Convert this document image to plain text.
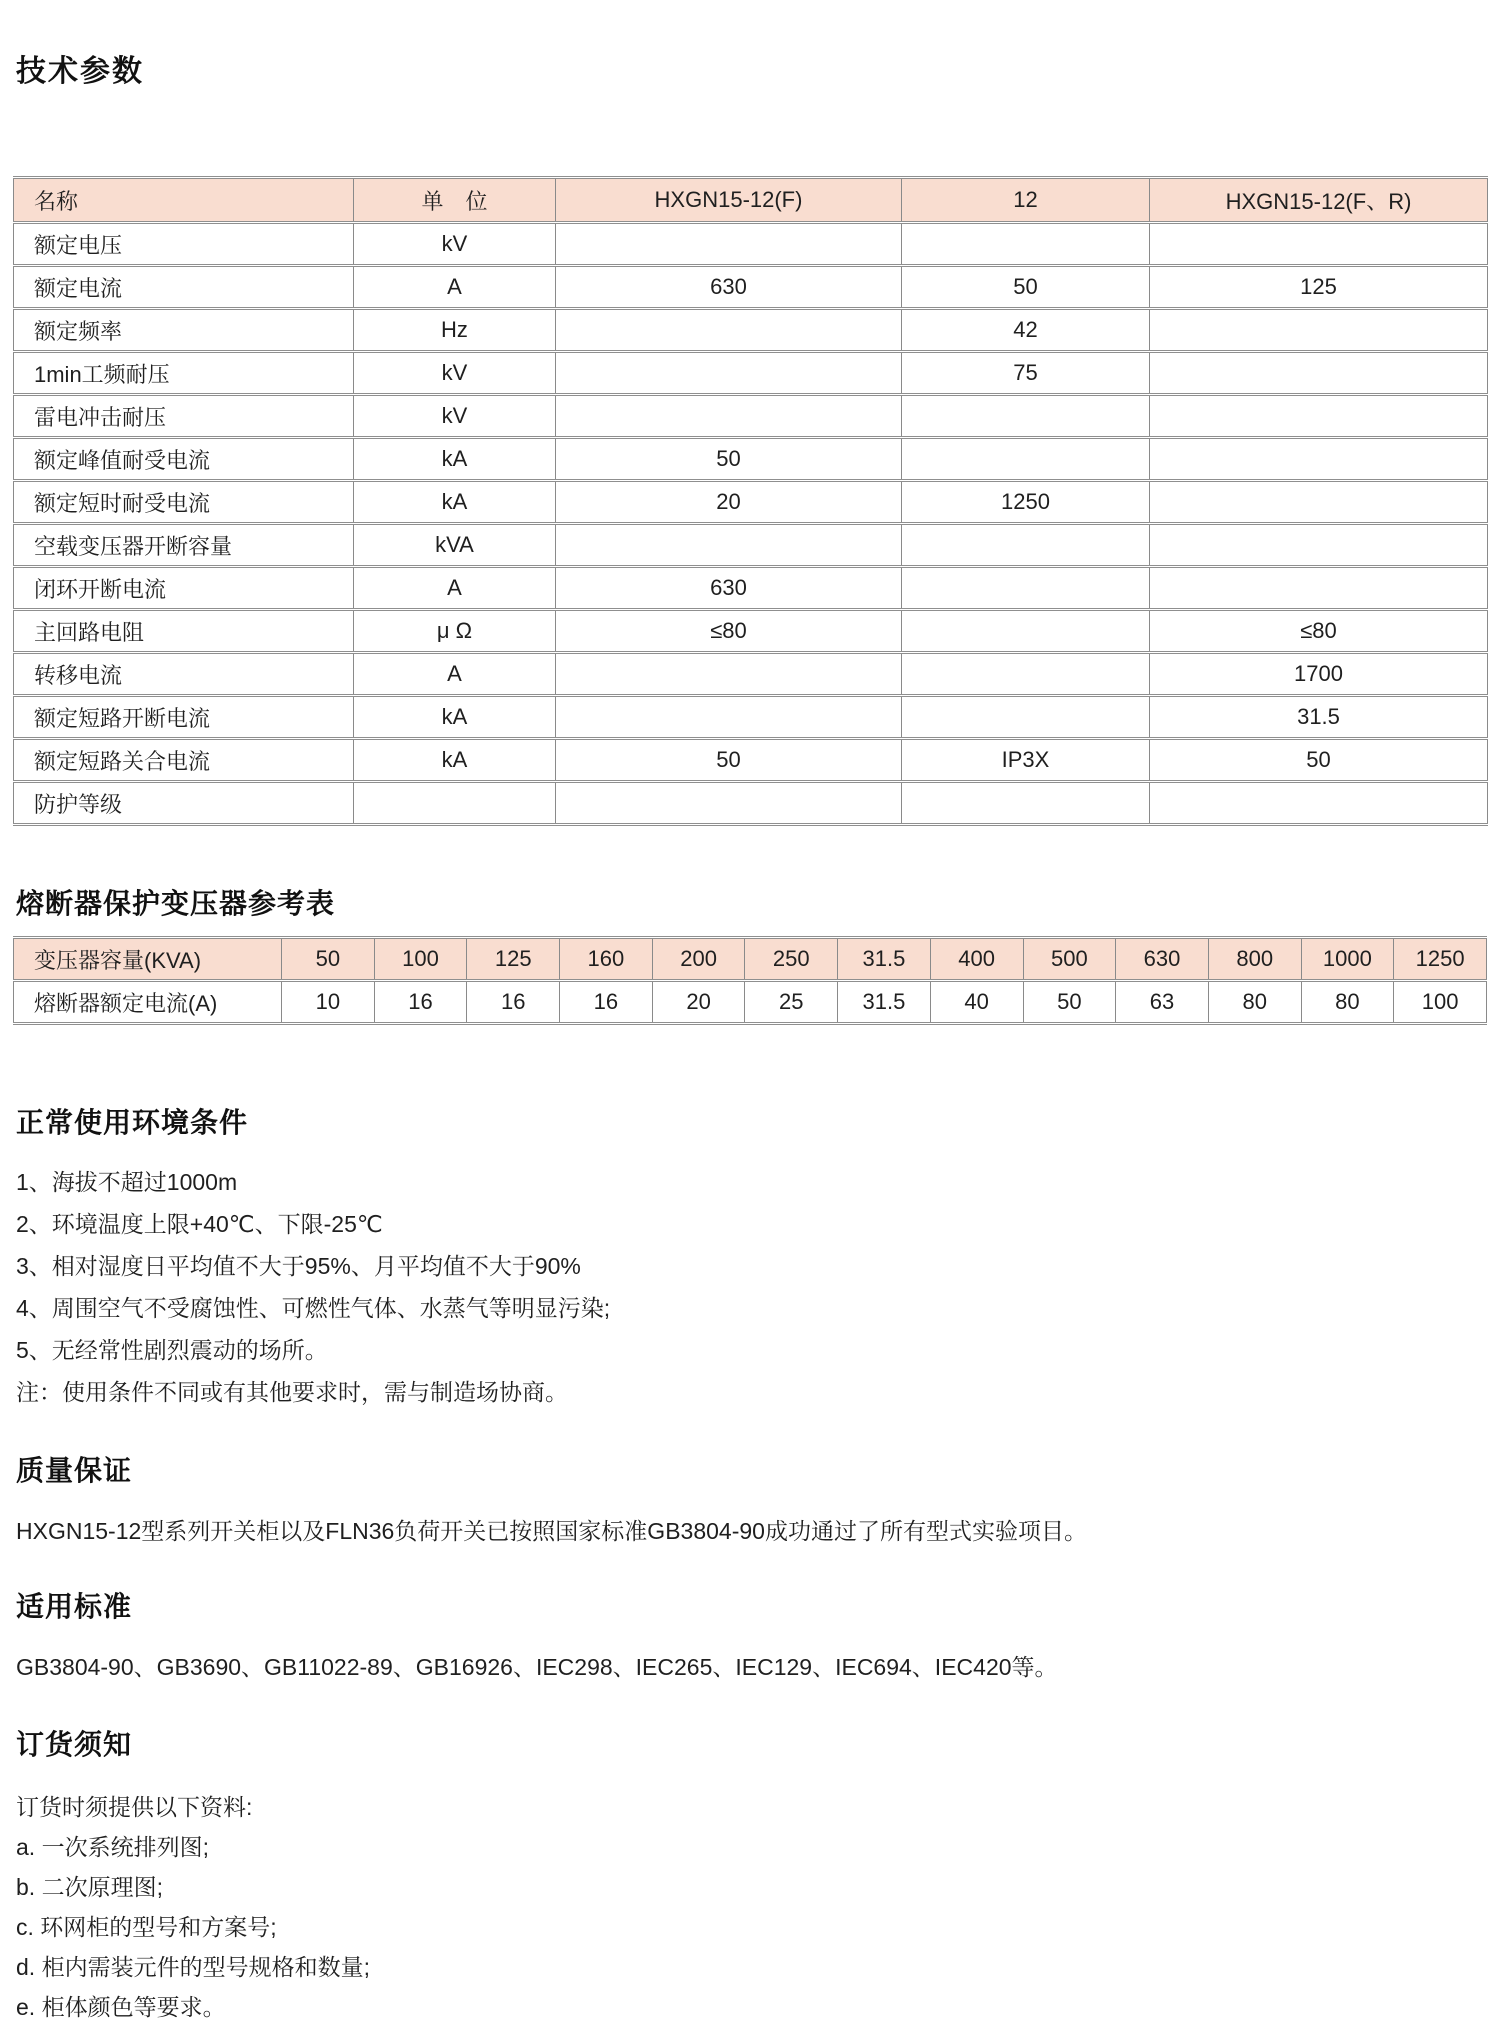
技术参数
名称	单　位	HXGN15-12(F)	12	HXGN15-12(F、R)
额定电压	kV			
额定电流	A	630	50	125
额定频率	Hz		42	
1min工频耐压	kV		75	
雷电冲击耐压	kV			
额定峰值耐受电流	kA	50		
额定短时耐受电流	kA	20	1250	
空载变压器开断容量	kVA			
闭环开断电流	A	630		
主回路电阻	μ Ω	≤80		≤80
转移电流	A			1700
额定短路开断电流	kA			31.5
额定短路关合电流	kA	50	IP3X	50
防护等级				
熔断器保护变压器参考表
变压器容量(KVA)	50	100	125	160	200	250	31.5	400	500	630	800	1000	1250
熔断器额定电流(A)	10	16	16	16	20	25	31.5	40	50	63	80	80	100
正常使用环境条件
1、海拔不超过1000m
2、环境温度上限+40℃、下限-25℃
3、相对湿度日平均值不大于95%、月平均值不大于90%
4、周围空气不受腐蚀性、可燃性气体、水蒸气等明显污染;
5、无经常性剧烈震动的场所。
注：使用条件不同或有其他要求时，需与制造场协商。
质量保证
HXGN15-12型系列开关柜以及FLN36负荷开关已按照国家标准GB3804-90成功通过了所有型式实验项目。
适用标准
GB3804-90、GB3690、GB11022-89、GB16926、IEC298、IEC265、IEC129、IEC694、IEC420等。
订货须知
订货时须提供以下资料:
a. 一次系统排列图;
b. 二次原理图;
c. 环网柜的型号和方案号;
d. 柜内需装元件的型号规格和数量;
e. 柜体颜色等要求。
